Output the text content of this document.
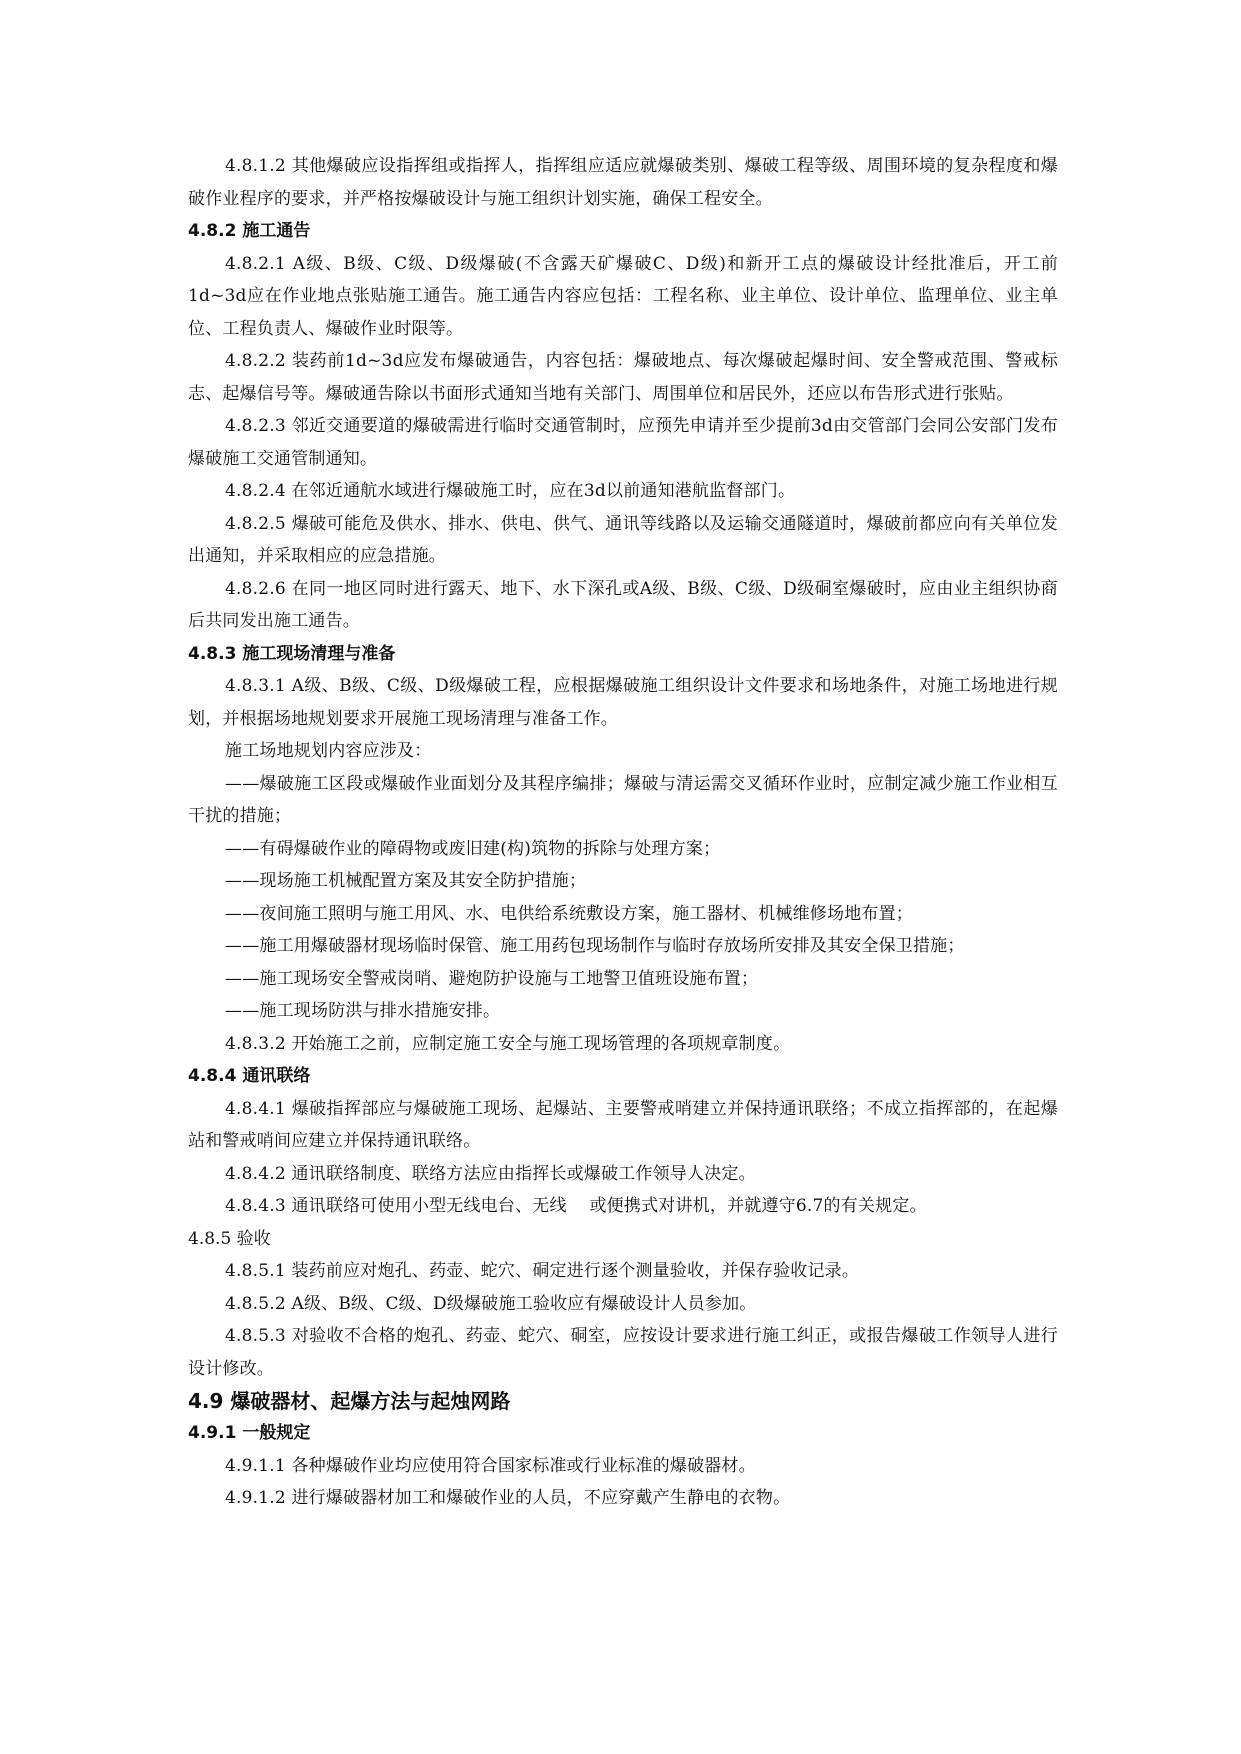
4.8.1.2 其他爆破应设指挥组或指挥人，指挥组应适应就爆破类别、爆破工程等级、周围环境的复杂程度和爆破作业程序的要求，并严格按爆破设计与施工组织计划实施，确保工程安全。

4.8.2 施工通告

4.8.2.1 A级、B级、C级、D级爆破(不含露天矿爆破C、D级)和新开工点的爆破设计经批准后，开工前1d~3d应在作业地点张贴施工通告。施工通告内容应包括：工程名称、业主单位、设计单位、监理单位、业主单位、工程负责人、爆破作业时限等。

4.8.2.2 装药前1d~3d应发布爆破通告，内容包括：爆破地点、每次爆破起爆时间、安全警戒范围、警戒标志、起爆信号等。爆破通告除以书面形式通知当地有关部门、周围单位和居民外，还应以布告形式进行张贴。

4.8.2.3 邻近交通要道的爆破需进行临时交通管制时，应预先申请并至少提前3d由交管部门会同公安部门发布爆破施工交通管制通知。

4.8.2.4 在邻近通航水域进行爆破施工时，应在3d以前通知港航监督部门。

4.8.2.5 爆破可能危及供水、排水、供电、供气、通讯等线路以及运输交通隧道时，爆破前都应向有关单位发出通知，并采取相应的应急措施。

4.8.2.6 在同一地区同时进行露天、地下、水下深孔或A级、B级、C级、D级硐室爆破时，应由业主组织协商后共同发出施工通告。

4.8.3 施工现场清理与准备

4.8.3.1 A级、B级、C级、D级爆破工程，应根据爆破施工组织设计文件要求和场地条件，对施工场地进行规划，并根据场地规划要求开展施工现场清理与准备工作。

施工场地规划内容应涉及：

——爆破施工区段或爆破作业面划分及其程序编排；爆破与清运需交叉循环作业时，应制定减少施工作业相互干扰的措施；

——有碍爆破作业的障碍物或废旧建(构)筑物的拆除与处理方案；

——现场施工机械配置方案及其安全防护措施；

——夜间施工照明与施工用风、水、电供给系统敷设方案，施工器材、机械维修场地布置；

——施工用爆破器材现场临时保管、施工用药包现场制作与临时存放场所安排及其安全保卫措施；

——施工现场安全警戒岗哨、避炮防护设施与工地警卫值班设施布置；

——施工现场防洪与排水措施安排。

4.8.3.2 开始施工之前，应制定施工安全与施工现场管理的各项规章制度。

4.8.4 通讯联络

4.8.4.1 爆破指挥部应与爆破施工现场、起爆站、主要警戒哨建立并保持通讯联络；不成立指挥部的，在起爆站和警戒哨间应建立并保持通讯联络。

4.8.4.2 通讯联络制度、联络方法应由指挥长或爆破工作领导人决定。

4.8.4.3 通讯联络可使用小型无线电台、无线　 或便携式对讲机，并就遵守6.7的有关规定。

4.8.5 验收

4.8.5.1 装药前应对炮孔、药壶、蛇穴、硐定进行逐个测量验收，并保存验收记录。

4.8.5.2 A级、B级、C级、D级爆破施工验收应有爆破设计人员参加。

4.8.5.3 对验收不合格的炮孔、药壶、蛇穴、硐室，应按设计要求进行施工纠正，或报告爆破工作领导人进行设计修改。

4.9 爆破器材、起爆方法与起烛网路

4.9.1 一般规定

4.9.1.1 各种爆破作业均应使用符合国家标准或行业标准的爆破器材。

4.9.1.2 进行爆破器材加工和爆破作业的人员，不应穿戴产生静电的衣物。
